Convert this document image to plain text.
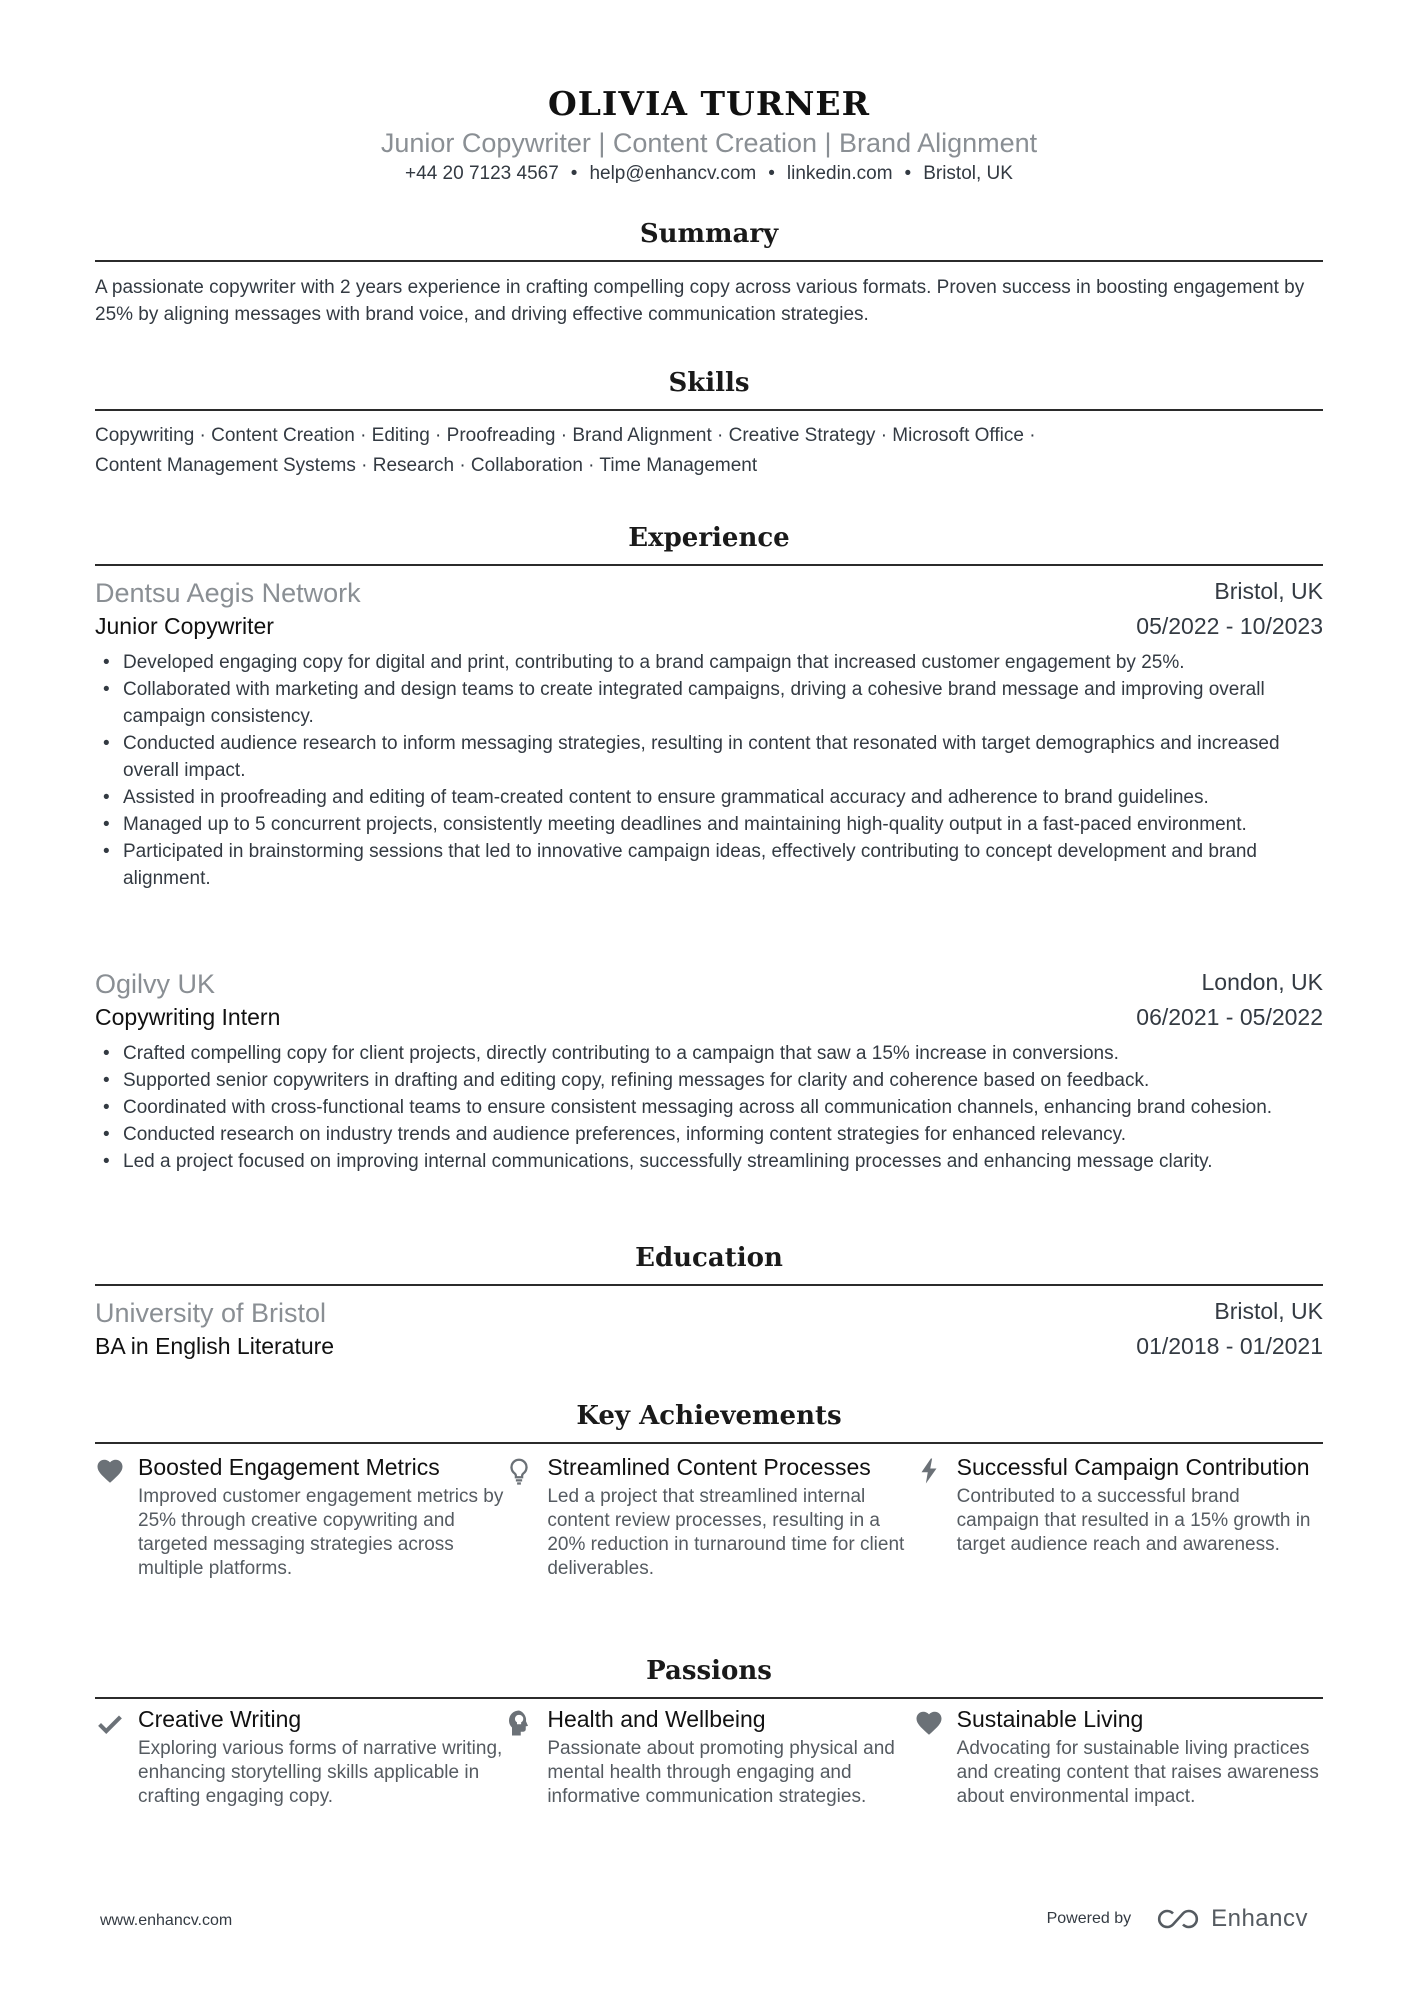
OLIVIA TURNER
Junior Copywriter | Content Creation | Brand Alignment
+44 20 7123 4567 • help@enhancv.com • linkedin.com • Bristol, UK
Summary
A passionate copywriter with 2 years experience in crafting compelling copy across various formats. Proven success in boosting engagement by 25% by aligning messages with brand voice, and driving effective communication strategies.
Skills
Copywriting · Content Creation · Editing · Proofreading · Brand Alignment · Creative Strategy · Microsoft Office ·
Content Management Systems · Research · Collaboration · Time Management
Experience
Dentsu Aegis Network	Bristol, UK
Junior Copywriter	05/2022 - 10/2023
• Developed engaging copy for digital and print, contributing to a brand campaign that increased customer engagement by 25%.
• Collaborated with marketing and design teams to create integrated campaigns, driving a cohesive brand message and improving overall campaign consistency.
• Conducted audience research to inform messaging strategies, resulting in content that resonated with target demographics and increased overall impact.
• Assisted in proofreading and editing of team-created content to ensure grammatical accuracy and adherence to brand guidelines.
• Managed up to 5 concurrent projects, consistently meeting deadlines and maintaining high-quality output in a fast-paced environment.
• Participated in brainstorming sessions that led to innovative campaign ideas, effectively contributing to concept development and brand alignment.
Ogilvy UK	London, UK
Copywriting Intern	06/2021 - 05/2022
• Crafted compelling copy for client projects, directly contributing to a campaign that saw a 15% increase in conversions.
• Supported senior copywriters in drafting and editing copy, refining messages for clarity and coherence based on feedback.
• Coordinated with cross-functional teams to ensure consistent messaging across all communication channels, enhancing brand cohesion.
• Conducted research on industry trends and audience preferences, informing content strategies for enhanced relevancy.
• Led a project focused on improving internal communications, successfully streamlining processes and enhancing message clarity.
Education
University of Bristol	Bristol, UK
BA in English Literature	01/2018 - 01/2021
Key Achievements
Boosted Engagement Metrics
Improved customer engagement metrics by 25% through creative copywriting and targeted messaging strategies across multiple platforms.
Streamlined Content Processes
Led a project that streamlined internal content review processes, resulting in a 20% reduction in turnaround time for client deliverables.
Successful Campaign Contribution
Contributed to a successful brand campaign that resulted in a 15% growth in target audience reach and awareness.
Passions
Creative Writing
Exploring various forms of narrative writing, enhancing storytelling skills applicable in crafting engaging copy.
Health and Wellbeing
Passionate about promoting physical and mental health through engaging and informative communication strategies.
Sustainable Living
Advocating for sustainable living practices and creating content that raises awareness about environmental impact.
www.enhancv.com	Powered by	Enhancv
